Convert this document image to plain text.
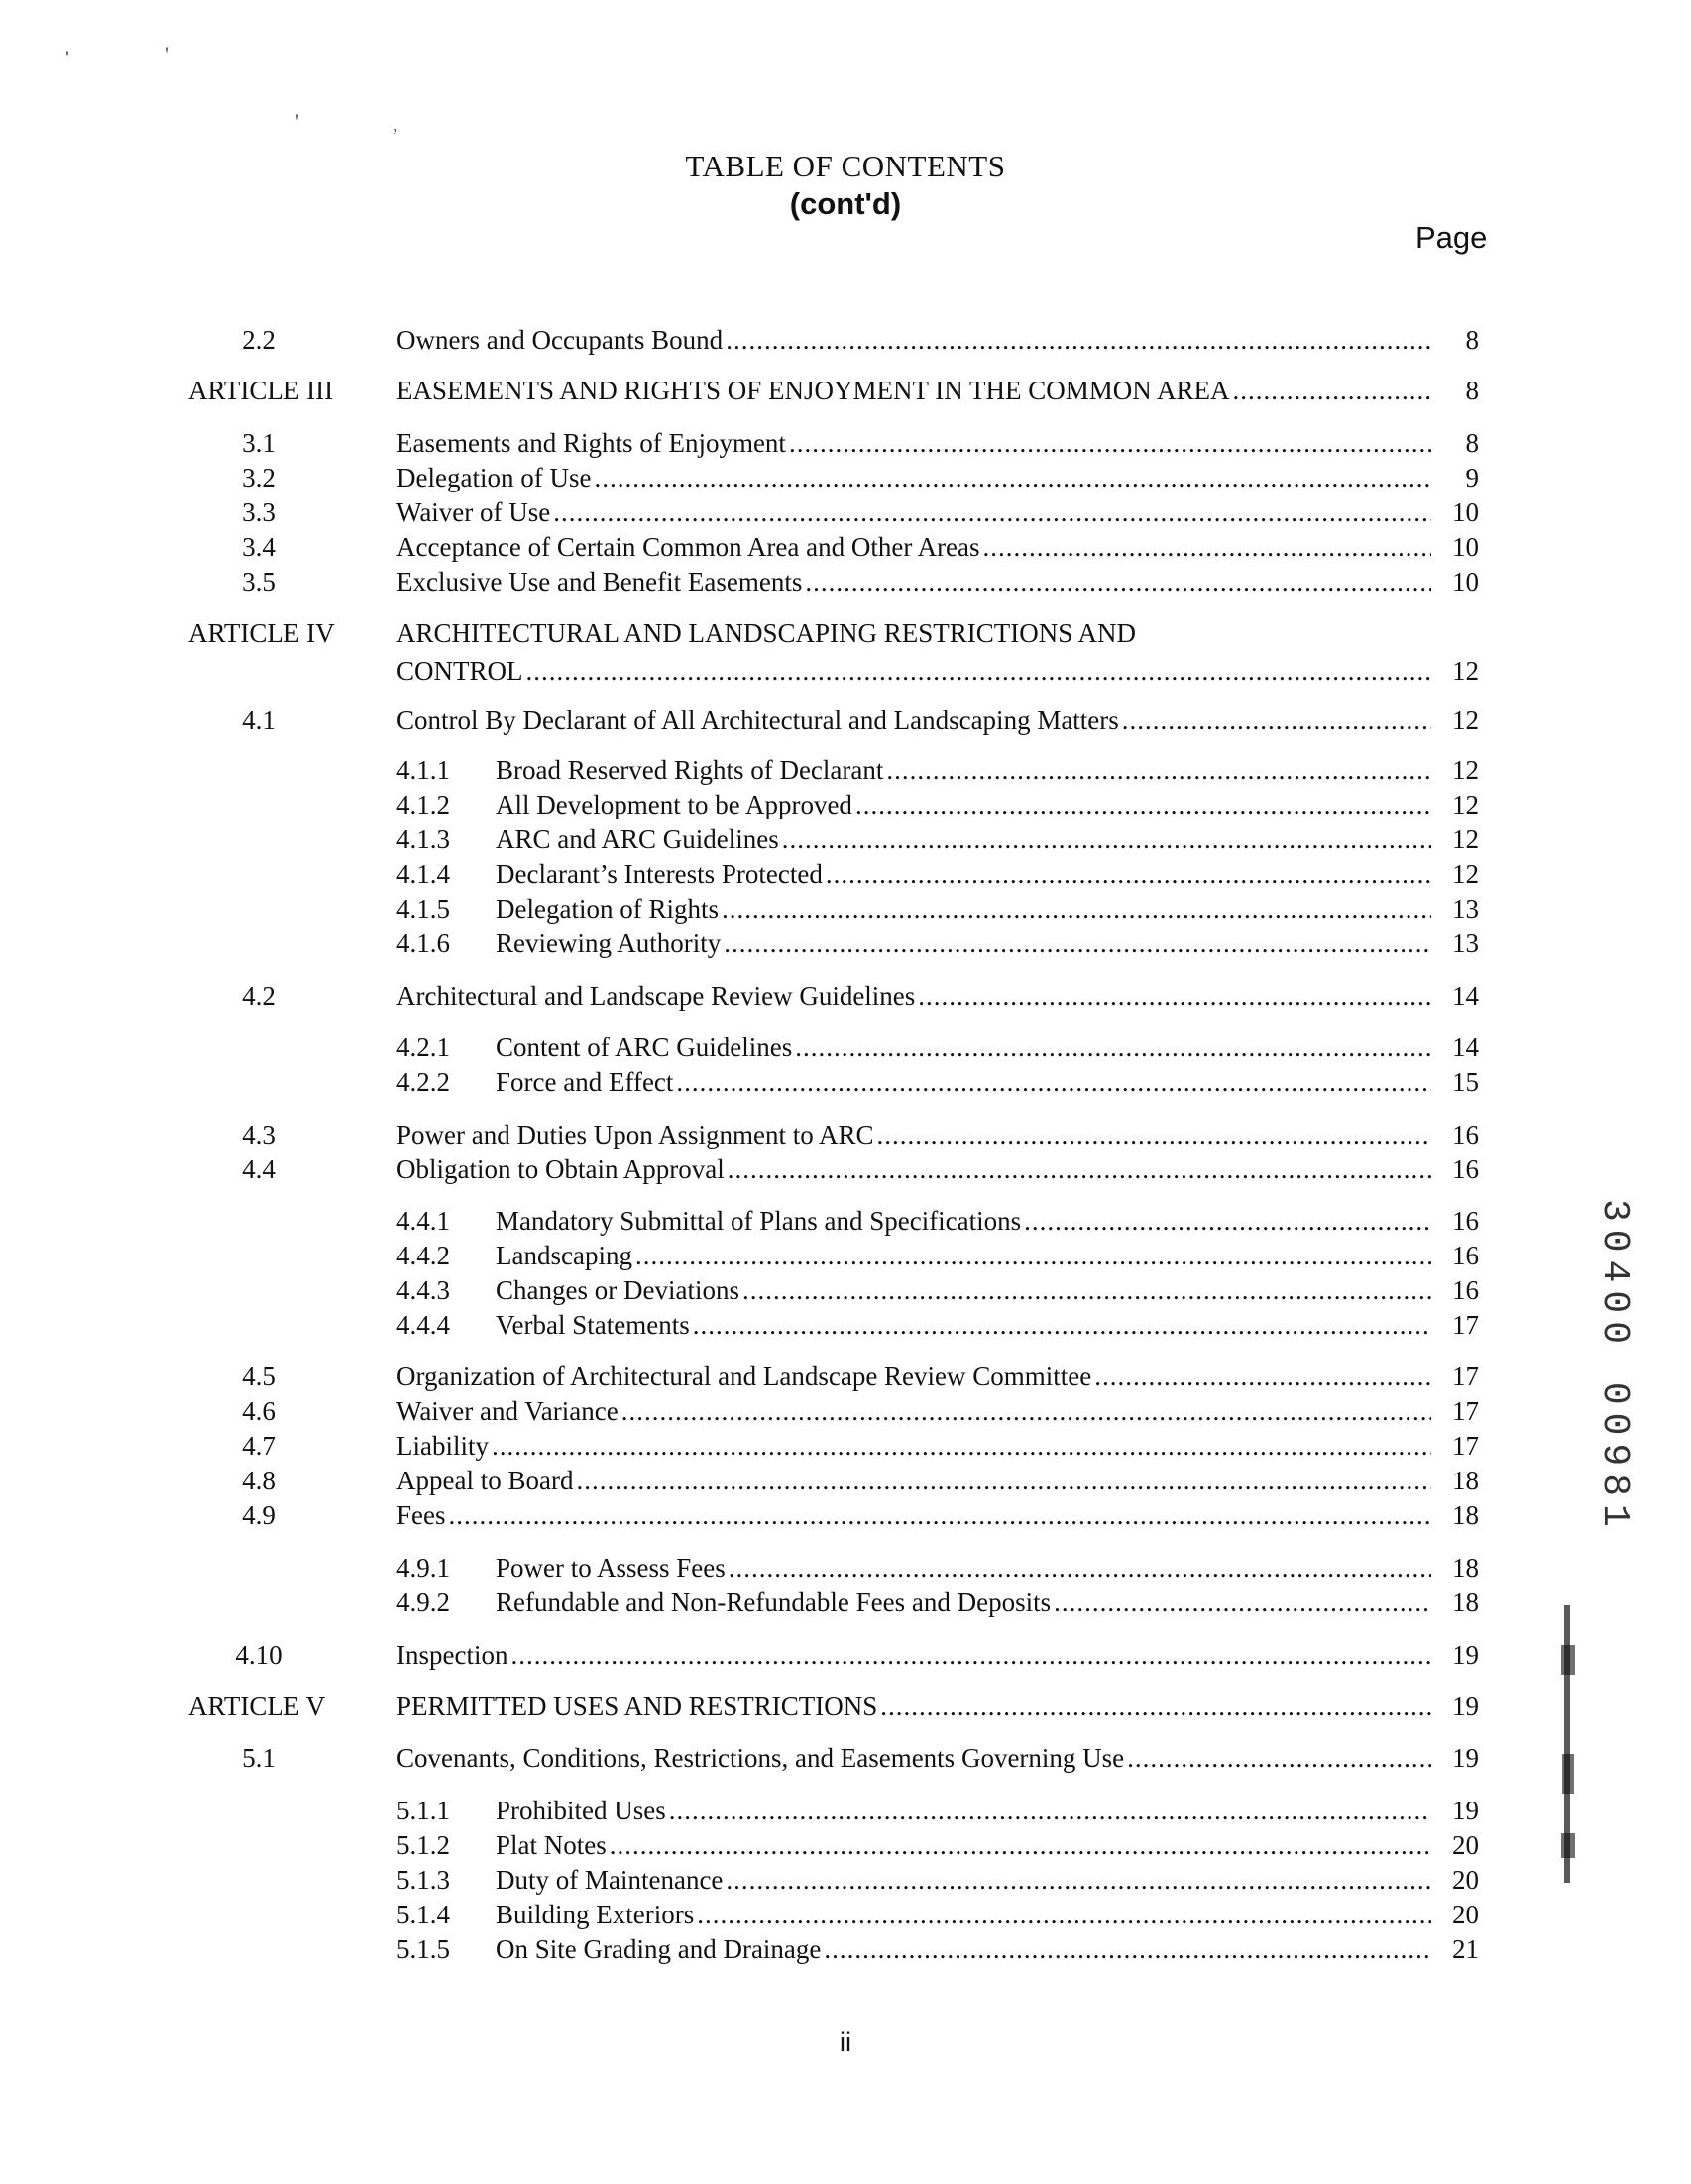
'	'
'	,
TABLE OF CONTENTS
(cont'd)
Page
2.2	Owners and Occupants Bound .....	8
ARTICLE III EASEMENTS AND RIGHTS OF ENJOYMENT IN THE COMMON AREA .....	8
3.1	Easements and Rights of Enjoyment .....	8
3.2	Delegation of Use .....	9
3.3	Waiver of Use .....	10
3.4	Acceptance of Certain Common Area and Other Areas .....	10
3.5	Exclusive Use and Benefit Easements .....	10
ARTICLE IV ARCHITECTURAL AND LANDSCAPING RESTRICTIONS AND
CONTROL .....	12
4.1	Control By Declarant of All Architectural and Landscaping Matters .....	12
4.1.1 Broad Reserved Rights of Declarant .....	12
4.1.2 All Development to be Approved .....	12
4.1.3 ARC and ARC Guidelines .....	12
4.1.4 Declarant’s Interests Protected .....	12
4.1.5 Delegation of Rights .....	13
4.1.6 Reviewing Authority .....	13
4.2	Architectural and Landscape Review Guidelines .....	14
4.2.1 Content of ARC Guidelines .....	14
4.2.2 Force and Effect .....	15
4.3	Power and Duties Upon Assignment to ARC .....	16
4.4	Obligation to Obtain Approval .....	16
4.4.1 Mandatory Submittal of Plans and Specifications .....	16
4.4.2 Landscaping .....	16
4.4.3 Changes or Deviations .....	16
4.4.4 Verbal Statements .....	17
4.5	Organization of Architectural and Landscape Review Committee .....	17
4.6	Waiver and Variance .....	17
4.7	Liability .....	17
4.8	Appeal to Board .....	18
4.9	Fees .....	18
4.9.1 Power to Assess Fees .....	18
4.9.2 Refundable and Non-Refundable Fees and Deposits .....	18
4.10	Inspection .....	19
ARTICLE V	PERMITTED USES AND RESTRICTIONS .....	19
5.1	Covenants, Conditions, Restrictions, and Easements Governing Use .....	19
5.1.1 Prohibited Uses .....	19
5.1.2 Plat Notes .....	20
5.1.3 Duty of Maintenance .....	20
5.1.4 Building Exteriors .....	20
5.1.5 On Site Grading and Drainage .....	21
ii
30400 00981
